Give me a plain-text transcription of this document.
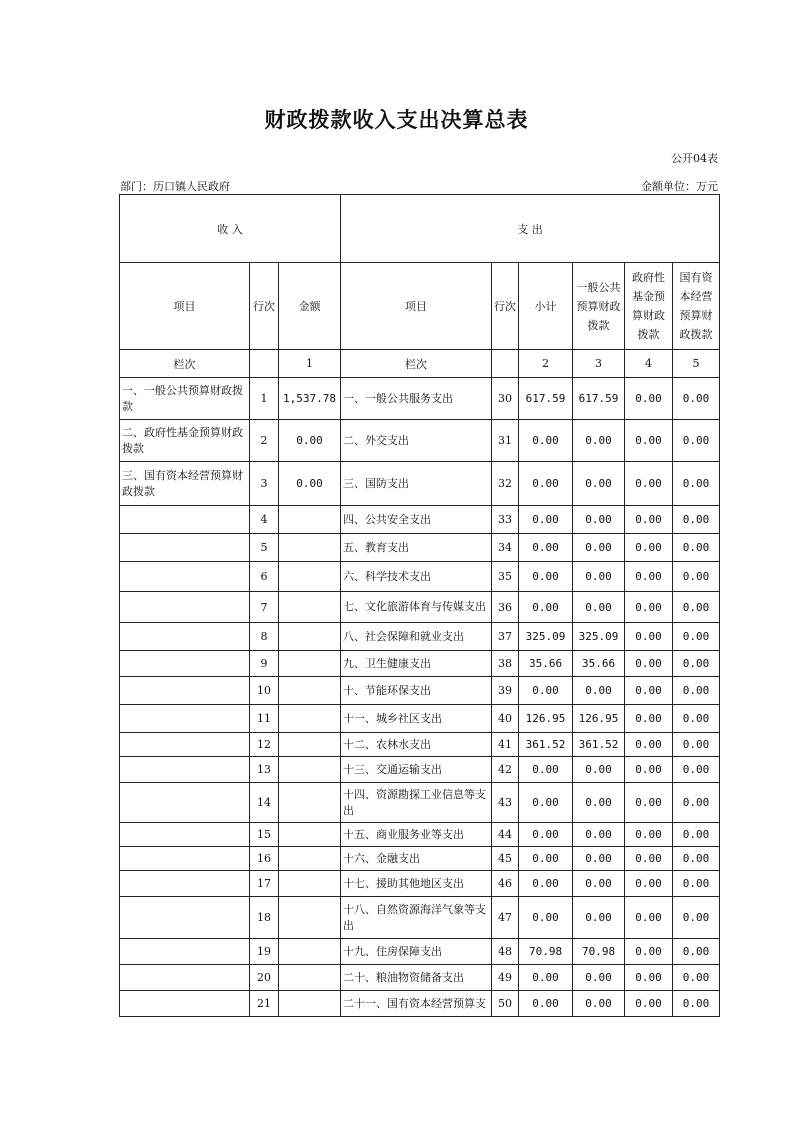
财政拨款收入支出决算总表
公开04表
部门：历口镇人民政府	金额单位：万元
收 入			支 出					
项目	行次	金额	项目	行次	小计	一般公共预算财政拨款	政府性基金预算财政拨款	国有资本经营预算财政拨款
栏次		1	栏次		2	3	4	5
一、一般公共预算财政拨款	1	1,537.78	一、一般公共服务支出	30	617.59	617.59	0.00	0.00
二、政府性基金预算财政拨款	2	0.00	二、外交支出	31	0.00	0.00	0.00	0.00
三、国有资本经营预算财政拨款	3	0.00	三、国防支出	32	0.00	0.00	0.00	0.00
	4		四、公共安全支出	33	0.00	0.00	0.00	0.00
	5		五、教育支出	34	0.00	0.00	0.00	0.00
	6		六、科学技术支出	35	0.00	0.00	0.00	0.00
	7		七、文化旅游体育与传媒支出	36	0.00	0.00	0.00	0.00
	8		八、社会保障和就业支出	37	325.09	325.09	0.00	0.00
	9		九、卫生健康支出	38	35.66	35.66	0.00	0.00
	10		十、节能环保支出	39	0.00	0.00	0.00	0.00
	11		十一、城乡社区支出	40	126.95	126.95	0.00	0.00
	12		十二、农林水支出	41	361.52	361.52	0.00	0.00
	13		十三、交通运输支出	42	0.00	0.00	0.00	0.00
	14		十四、资源勘探工业信息等支出	43	0.00	0.00	0.00	0.00
	15		十五、商业服务业等支出	44	0.00	0.00	0.00	0.00
	16		十六、金融支出	45	0.00	0.00	0.00	0.00
	17		十七、援助其他地区支出	46	0.00	0.00	0.00	0.00
	18		十八、自然资源海洋气象等支出	47	0.00	0.00	0.00	0.00
	19		十九、住房保障支出	48	70.98	70.98	0.00	0.00
	20		二十、粮油物资储备支出	49	0.00	0.00	0.00	0.00
	21		二十一、国有资本经营预算支	50	0.00	0.00	0.00	0.00
